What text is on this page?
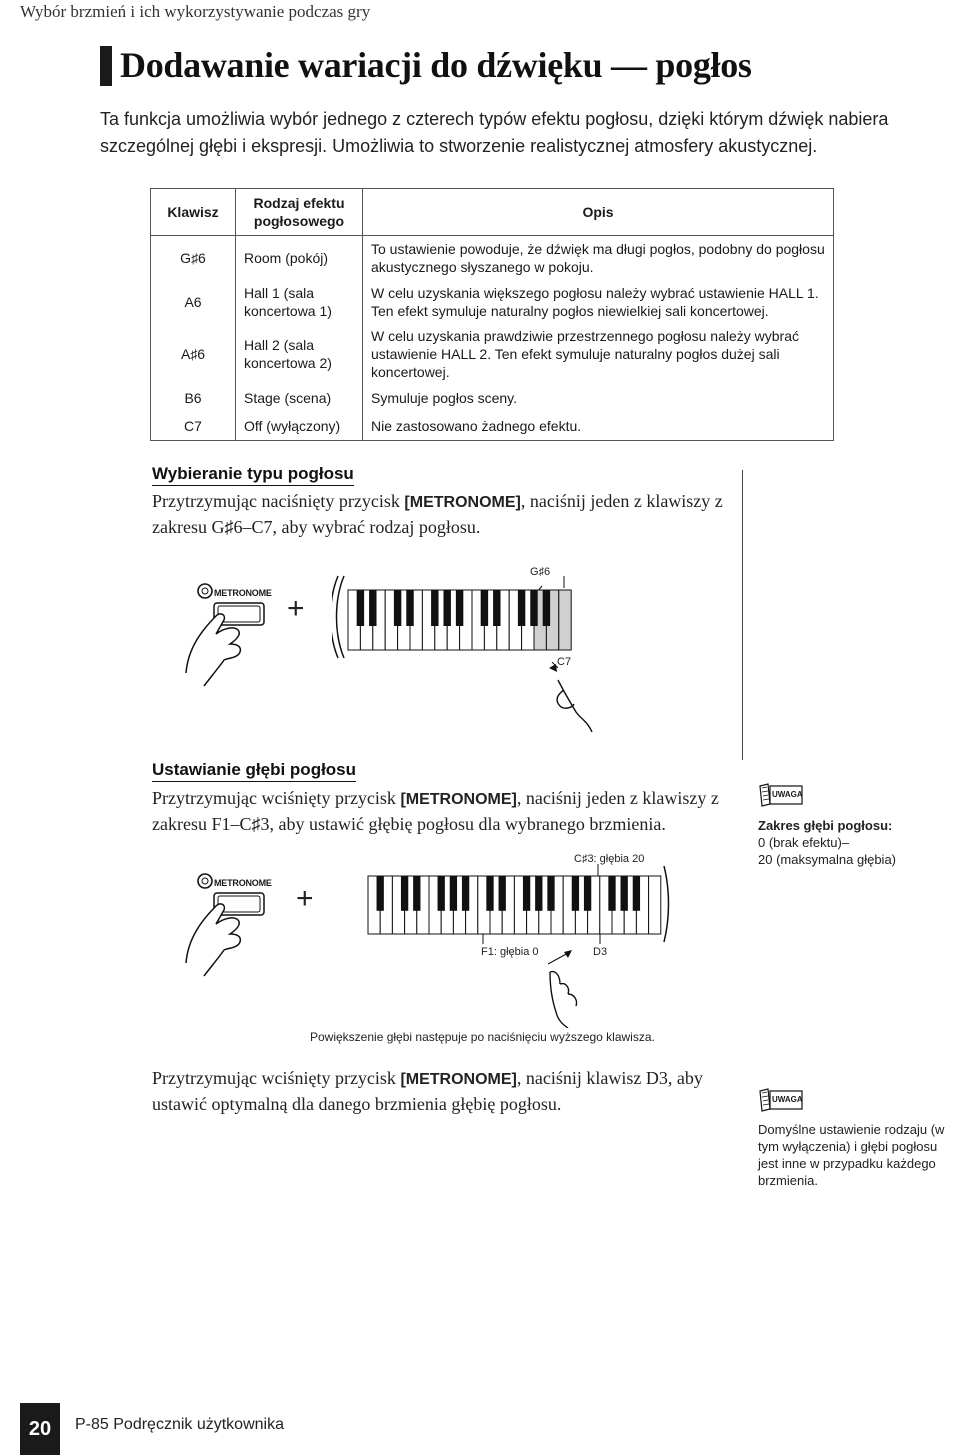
Wybór brzmień i ich wykorzystywanie podczas gry
Dodawanie wariacji do dźwięku — pogłos
Ta funkcja umożliwia wybór jednego z czterech typów efektu pogłosu, dzięki którym dźwięk nabiera szczególnej głębi i ekspresji. Umożliwia to stworzenie realistycznej atmosfery akustycznej.
Klawisz	Rodzaj efektu pogłosowego	Opis
G♯6	Room (pokój)	To ustawienie powoduje, że dźwięk ma długi pogłos, podobny do pogłosu akustycznego słyszanego w pokoju.
A6	Hall 1 (sala koncertowa 1)	W celu uzyskania większego pogłosu należy wybrać ustawienie HALL 1. Ten efekt symuluje naturalny pogłos niewielkiej sali koncertowej.
A♯6	Hall 2 (sala koncertowa 2)	W celu uzyskania prawdziwie przestrzennego pogłosu należy wybrać ustawienie HALL 2. Ten efekt symuluje naturalny pogłos dużej sali koncertowej.
B6	Stage (scena)	Symuluje pogłos sceny.
C7	Off (wyłączony)	Nie zastosowano żadnego efektu.
Wybieranie typu pogłosu
Przytrzymując naciśnięty przycisk [METRONOME], naciśnij jeden z klawiszy z zakresu G♯6–C7, aby wybrać rodzaj pogłosu.
METRONOME +
G♯6
C7
Ustawianie głębi pogłosu
Przytrzymując wciśnięty przycisk [METRONOME], naciśnij jeden z klawiszy z zakresu F1–C♯3, aby ustawić głębię pogłosu dla wybranego brzmienia.
UWAGA
Zakres głębi pogłosu:
0 (brak efektu)–
20 (maksymalna głębia)
METRONOME +
C♯3: głębia 20
F1: głębia 0	D3
Powiększenie głębi następuje po naciśnięciu wyższego klawisza.
Przytrzymując wciśnięty przycisk [METRONOME], naciśnij klawisz D3, aby ustawić optymalną dla danego brzmienia głębię pogłosu.	UWAGA
Domyślne ustawienie rodzaju (w tym wyłączenia) i głębi pogłosu jest inne w przypadku każdego brzmienia.
20	P-85 Podręcznik użytkownika
